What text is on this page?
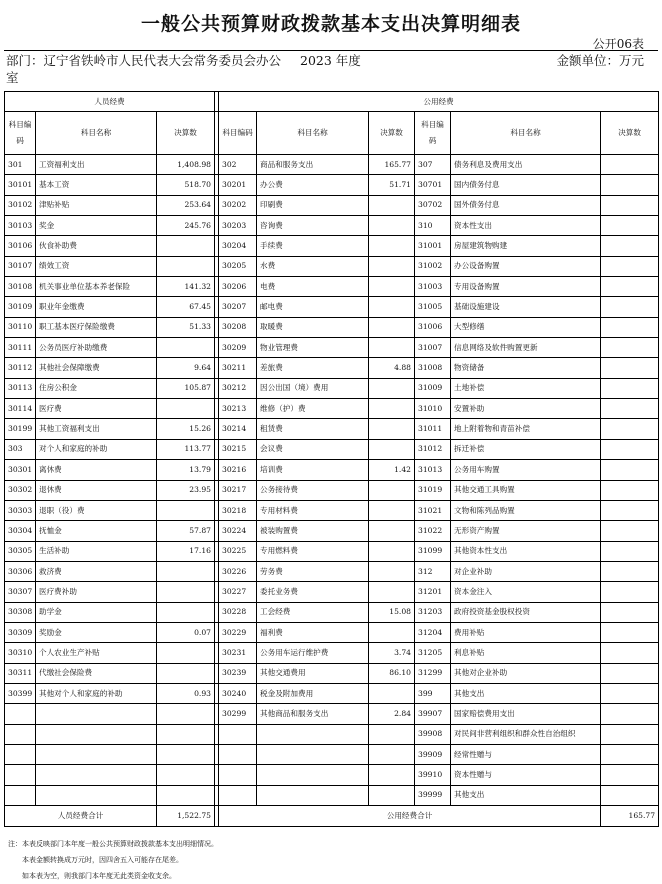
一般公共预算财政拨款基本支出决算明细表
公开06表
部门：辽宁省铁岭市人民代表大会常务委员会办公室
2023 年度	金额单位：万元
人员经费				公用经费					
科目编码	科目名称	决算数		科目编码	科目名称	决算数	科目编码	科目名称	决算数
301	工资福利支出	1,408.98		302	商品和服务支出	165.77	307	债务利息及费用支出	
30101	基本工资	518.70		30201	办公费	51.71	30701	国内债务付息	
30102	津贴补贴	253.64		30202	印刷费		30702	国外债务付息	
30103	奖金	245.76		30203	咨询费		310	资本性支出	
30106	伙食补助费			30204	手续费		31001	房屋建筑物购建	
30107	绩效工资			30205	水费		31002	办公设备购置	
30108	机关事业单位基本养老保险	141.32		30206	电费		31003	专用设备购置	
30109	职业年金缴费	67.45		30207	邮电费		31005	基础设施建设	
30110	职工基本医疗保险缴费	51.33		30208	取暖费		31006	大型修缮	
30111	公务员医疗补助缴费			30209	物业管理费		31007	信息网络及软件购置更新	
30112	其他社会保障缴费	9.64		30211	差旅费	4.88	31008	物资储备	
30113	住房公积金	105.87		30212	因公出国（境）费用		31009	土地补偿	
30114	医疗费			30213	维修（护）费		31010	安置补助	
30199	其他工资福利支出	15.26		30214	租赁费		31011	地上附着物和青苗补偿	
303	对个人和家庭的补助	113.77		30215	会议费		31012	拆迁补偿	
30301	离休费	13.79		30216	培训费	1.42	31013	公务用车购置	
30302	退休费	23.95		30217	公务接待费		31019	其他交通工具购置	
30303	退职（役）费			30218	专用材料费		31021	文物和陈列品购置	
30304	抚恤金	57.87		30224	被装购置费		31022	无形资产购置	
30305	生活补助	17.16		30225	专用燃料费		31099	其他资本性支出	
30306	救济费			30226	劳务费		312	对企业补助	
30307	医疗费补助			30227	委托业务费		31201	资本金注入	
30308	助学金			30228	工会经费	15.08	31203	政府投资基金股权投资	
30309	奖励金	0.07		30229	福利费		31204	费用补贴	
30310	个人农业生产补贴			30231	公务用车运行维护费	3.74	31205	利息补贴	
30311	代缴社会保险费			30239	其他交通费用	86.10	31299	其他对企业补助	
30399	其他对个人和家庭的补助	0.93		30240	税金及附加费用		399	其他支出	
				30299	其他商品和服务支出	2.84	39907	国家赔偿费用支出	
							39908	对民间非营利组织和群众性自治组织	
							39909	经常性赠与	
							39910	资本性赠与	
							39999	其他支出	
人员经费合计		1,522.75		公用经费合计					165.77
注：本表反映部门本年度一般公共预算财政拨款基本支出明细情况。
本表金额转换成万元时，因四舍五入可能存在尾差。
如本表为空，则我部门本年度无此类资金收支余。
